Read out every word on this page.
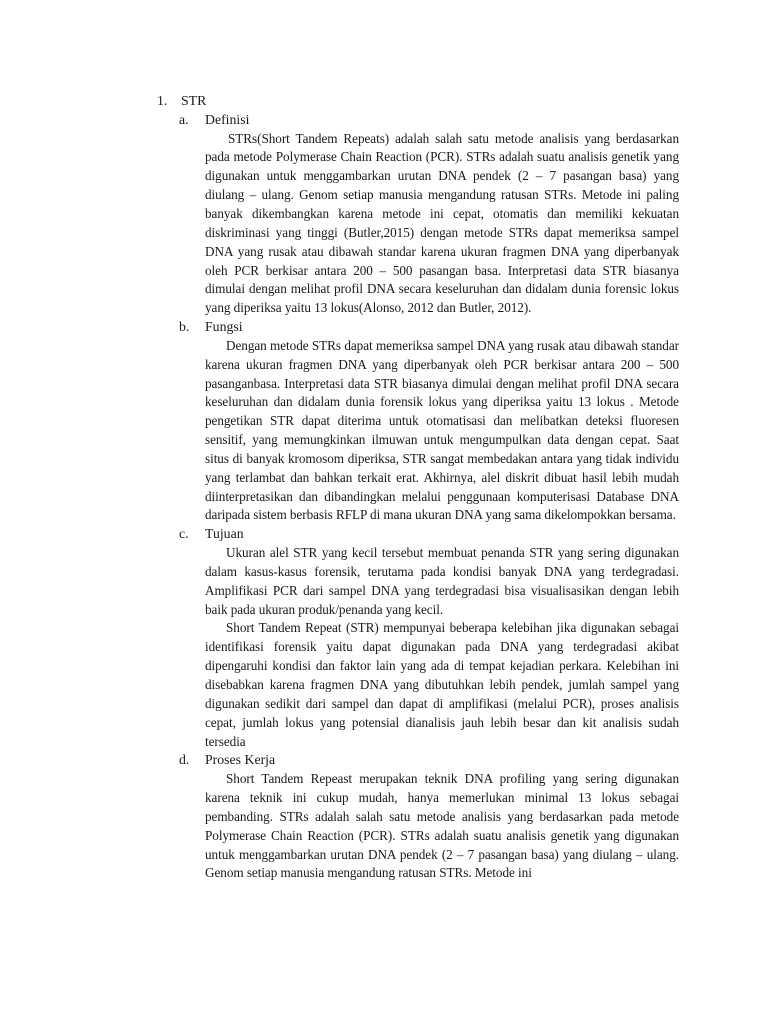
1. STR
a.	Definisi

STRs(Short Tandem Repeats) adalah salah satu metode analisis yang berdasarkan pada metode Polymerase Chain Reaction (PCR). STRs adalah suatu analisis genetik yang digunakan untuk menggambarkan urutan DNA pendek (2 – 7 pasangan basa) yang diulang – ulang. Genom setiap manusia mengandung ratusan STRs. Metode ini paling banyak dikembangkan karena metode ini cepat, otomatis dan memiliki kekuatan diskriminasi yang tinggi (Butler,2015) dengan metode STRs dapat memeriksa sampel DNA yang rusak atau dibawah standar karena ukuran fragmen DNA yang diperbanyak oleh PCR berkisar antara 200 – 500 pasangan basa. Interpretasi data STR biasanya dimulai dengan melihat profil DNA secara keseluruhan dan didalam dunia forensic lokus yang diperiksa yaitu 13 lokus(Alonso, 2012 dan Butler, 2012).

b.	Fungsi

Dengan metode STRs dapat memeriksa sampel DNA yang rusak atau dibawah standar karena ukuran fragmen DNA yang diperbanyak oleh PCR berkisar antara 200 – 500 pasanganbasa. Interpretasi data STR biasanya dimulai dengan melihat profil DNA secara keseluruhan dan didalam dunia forensik lokus yang diperiksa yaitu 13 lokus . Metode pengetikan STR dapat diterima untuk otomatisasi dan melibatkan deteksi fluoresen sensitif, yang memungkinkan ilmuwan untuk mengumpulkan data dengan cepat. Saat situs di banyak kromosom diperiksa, STR sangat membedakan antara yang tidak individu yang terlambat dan bahkan terkait erat. Akhirnya, alel diskrit dibuat hasil lebih mudah diinterpretasikan dan dibandingkan melalui penggunaan komputerisasi Database DNA daripada sistem berbasis RFLP di mana ukuran DNA yang sama dikelompokkan bersama.

c.	Tujuan

Ukuran alel STR yang kecil tersebut membuat penanda STR yang sering digunakan dalam kasus-kasus forensik, terutama pada kondisi banyak DNA yang terdegradasi. Amplifikasi PCR dari sampel DNA yang terdegradasi bisa visualisasikan dengan lebih baik pada ukuran produk/penanda yang kecil.

Short Tandem Repeat (STR) mempunyai beberapa kelebihan jika digunakan sebagai identifikasi forensik yaitu dapat digunakan pada DNA yang terdegradasi akibat dipengaruhi kondisi dan faktor lain yang ada di tempat kejadian perkara. Kelebihan ini disebabkan karena fragmen DNA yang dibutuhkan lebih pendek, jumlah sampel yang digunakan sedikit dari sampel dan dapat di amplifikasi (melalui PCR), proses analisis cepat, jumlah lokus yang potensial dianalisis jauh lebih besar dan kit analisis sudah tersedia

d.	Proses Kerja

Short Tandem Repeast merupakan teknik DNA profiling yang sering digunakan karena teknik ini cukup mudah, hanya memerlukan minimal 13 lokus sebagai pembanding. STRs adalah salah satu metode analisis yang berdasarkan pada metode Polymerase Chain Reaction (PCR). STRs adalah suatu analisis genetik yang digunakan untuk menggambarkan urutan DNA pendek (2 – 7 pasangan basa) yang diulang – ulang. Genom setiap manusia mengandung ratusan STRs. Metode ini
